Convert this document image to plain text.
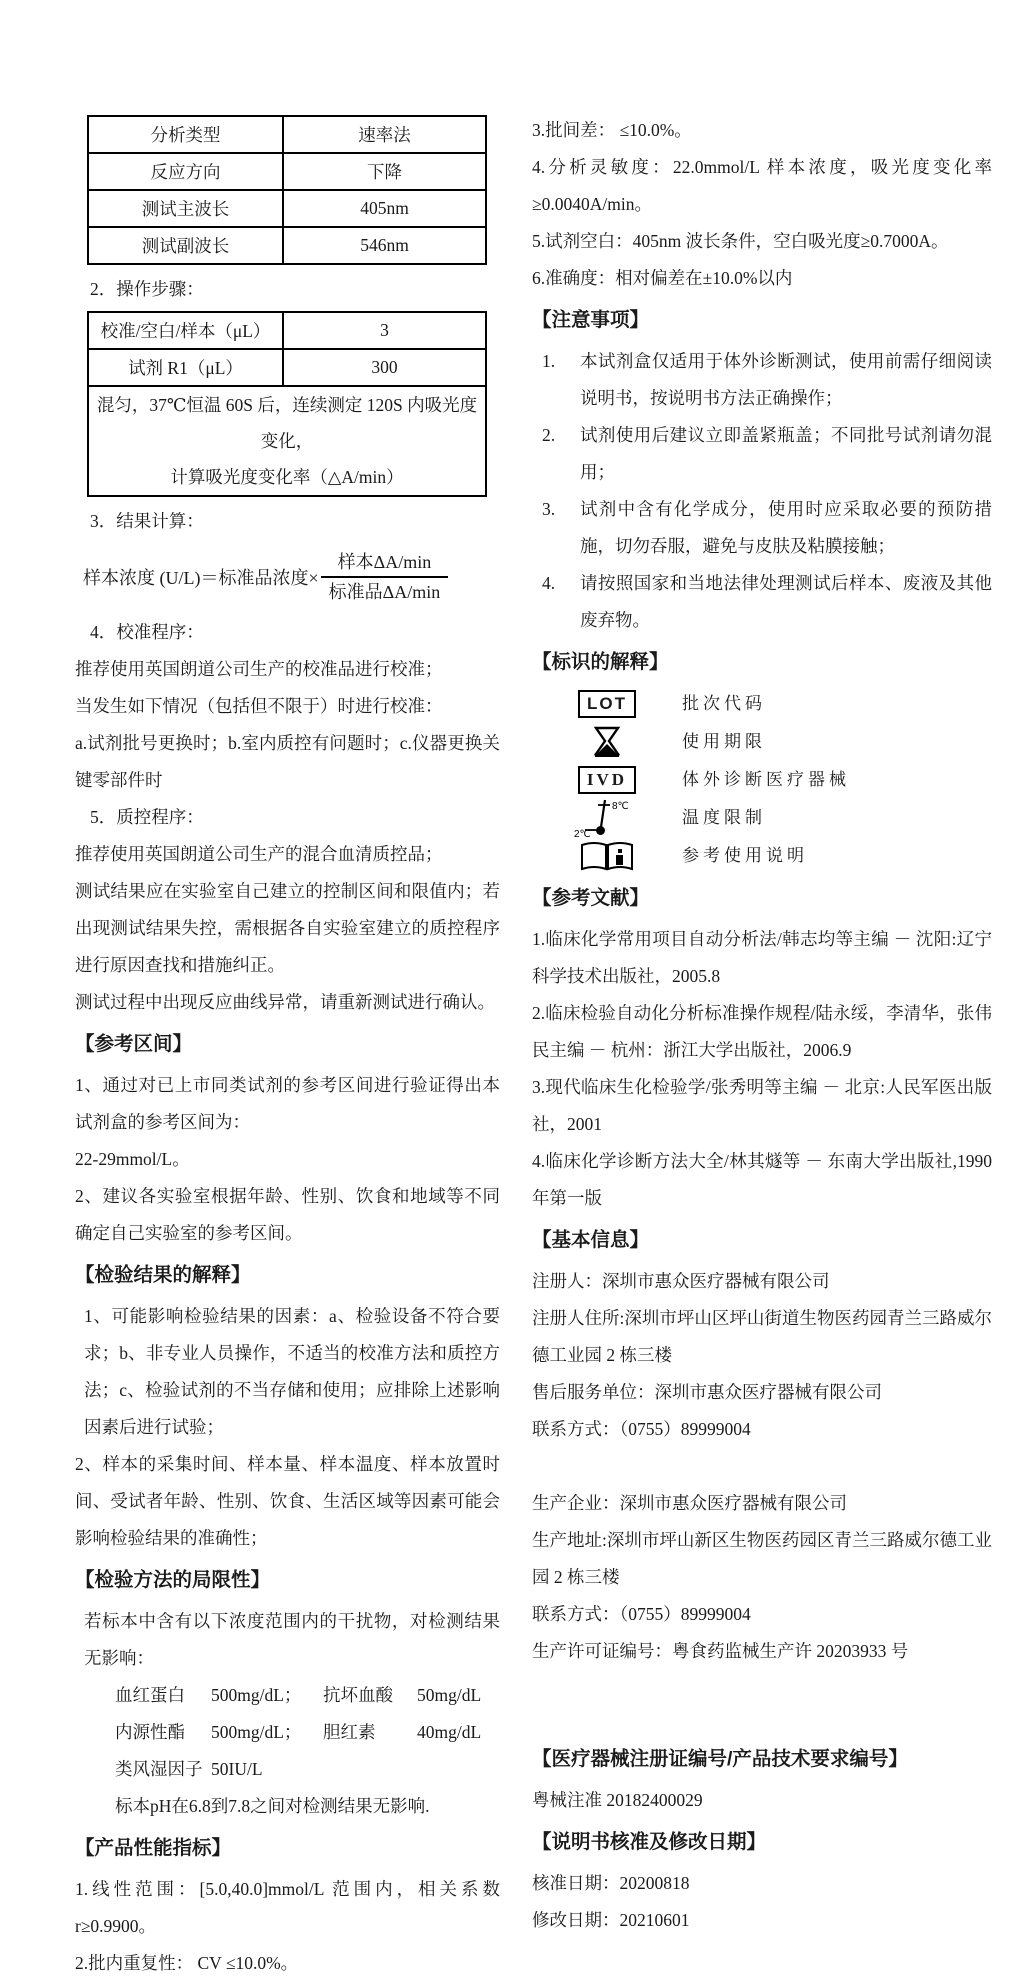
分析类型	速率法
反应方向	下降
测试主波长	405nm
测试副波长	546nm

2．操作步骤：

校准/空白/样本（μL）	3
试剂 R1（μL）	300
混匀，37℃恒温 60S 后，连续测定 120S 内吸光度变化，
计算吸光度变化率（△A/min）	

3．结果计算：

样本浓度 (U/L)＝标准品浓度× $\frac{\text{样本ΔA/min}}{\text{标准品ΔA/min}}$

4．校准程序：

推荐使用英国朗道公司生产的校准品进行校准；

当发生如下情况（包括但不限于）时进行校准：

a.试剂批号更换时；b.室内质控有问题时；c.仪器更换关键零部件时

5．质控程序：

推荐使用英国朗道公司生产的混合血清质控品；

测试结果应在实验室自己建立的控制区间和限值内；若出现测试结果失控，需根据各自实验室建立的质控程序进行原因查找和措施纠正。

测试过程中出现反应曲线异常，请重新测试进行确认。

【参考区间】

1、通过对已上市同类试剂的参考区间进行验证得出本试剂盒的参考区间为：

22-29mmol/L。

2、建议各实验室根据年龄、性别、饮食和地域等不同确定自己实验室的参考区间。

【检验结果的解释】

1、可能影响检验结果的因素：a、检验设备不符合要求；b、非专业人员操作，不适当的校准方法和质控方法；c、检验试剂的不当存储和使用；应排除上述影响因素后进行试验；

2、样本的采集时间、样本量、样本温度、样本放置时间、受试者年龄、性别、饮食、生活区域等因素可能会影响检验结果的准确性；

【检验方法的局限性】

若标本中含有以下浓度范围内的干扰物，对检测结果无影响：

血红蛋白	500mg/dL；	抗坏血酸	50mg/dL
内源性酯	500mg/dL；	胆红素	40mg/dL
类风湿因子 50IU/L

标本pH在6.8到7.8之间对检测结果无影响.

【产品性能指标】

1.线性范围：[5.0,40.0]mmol/L 范围内，相关系数 r≥0.9900。

2.批内重复性： CV ≤10.0%。

3.批间差： ≤10.0%。

4.分析灵敏度：22.0mmol/L 样本浓度，吸光度变化率≥0.0040A/min。

5.试剂空白：405nm 波长条件，空白吸光度≥0.7000A。

6.准确度：相对偏差在±10.0%以内

【注意事项】
1.	本试剂盒仅适用于体外诊断测试，使用前需仔细阅读说明书，按说明书方法正确操作；
2.	试剂使用后建议立即盖紧瓶盖；不同批号试剂请勿混用；
3.	试剂中含有化学成分，使用时应采取必要的预防措施，切勿吞服，避免与皮肤及粘膜接触；
4.	请按照国家和当地法律处理测试后样本、废液及其他废弃物。
【标识的解释】
LOT	批次代码
使用期限
IVD	体外诊断医疗器械
8℃
2℃
温度限制
参考使用说明
【参考文献】

1.临床化学常用项目自动分析法/韩志均等主编 － 沈阳:辽宁科学技术出版社，2005.8

2.临床检验自动化分析标准操作规程/陆永绥，李清华，张伟民主编 － 杭州：浙江大学出版社，2006.9

3.现代临床生化检验学/张秀明等主编 － 北京:人民军医出版社，2001

4.临床化学诊断方法大全/林其燧等 － 东南大学出版社,1990 年第一版

【基本信息】

注册人：深圳市惠众医疗器械有限公司

注册人住所:深圳市坪山区坪山街道生物医药园青兰三路威尔德工业园 2 栋三楼

售后服务单位：深圳市惠众医疗器械有限公司

联系方式：（0755）89999004

生产企业：深圳市惠众医疗器械有限公司

生产地址:深圳市坪山新区生物医药园区青兰三路威尔德工业园 2 栋三楼

联系方式：（0755）89999004

生产许可证编号：粤食药监械生产许 20203933 号

【医疗器械注册证编号/产品技术要求编号】

粤械注准 20182400029

【说明书核准及修改日期】

核准日期：20200818

修改日期：20210601
